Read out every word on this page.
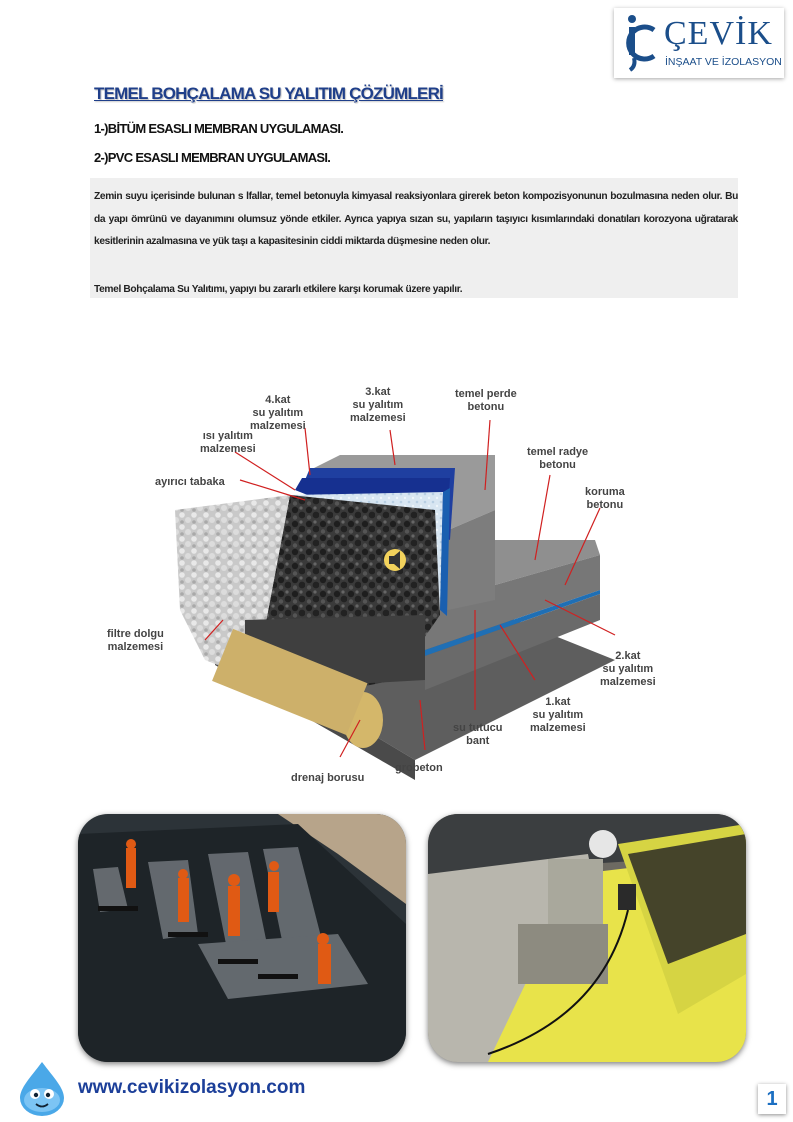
ÇEVİK
İNŞAAT VE İZOLASYON
TEMEL BOHÇALAMA SU YALITIM ÇÖZÜMLERİ
1-)BİTÜM ESASLI MEMBRAN UYGULAMASI.
2-)PVC ESASLI MEMBRAN UYGULAMASI.
Zemin suyu içerisinde bulunan s lfallar, temel betonuyla kimyasal reaksiyonlara girerek beton kompozisyonunun bozulmasına neden olur. Bu da yapı ömrünü ve dayanımını olumsuz yönde etkiler. Ayrıca yapıya sızan su, yapıların taşıyıcı kısımlarındaki donatıları korozyona uğratarak kesitlerinin azalmasına ve yük taşı a kapasitesinin ciddi miktarda düşmesine neden olur.
Temel Bohçalama Su Yalıtımı, yapıyı bu zararlı etkilere karşı korumak üzere yapılır.
4.kat
su yalıtım
malzemesi
3.kat
su yalıtım
malzemesi
temel perde
betonu
ısı yalıtım
malzemesi	temel radye
betonu
ayırıcı tabaka
koruma
betonu
filtre dolgu
malzemesi
2.kat
su yalıtım
malzemesi
1.kat
su yalıtım
malzemesi
su tutucu
bant
drenaj borusu
grobeton
www.cevikizolasyon.com
1
